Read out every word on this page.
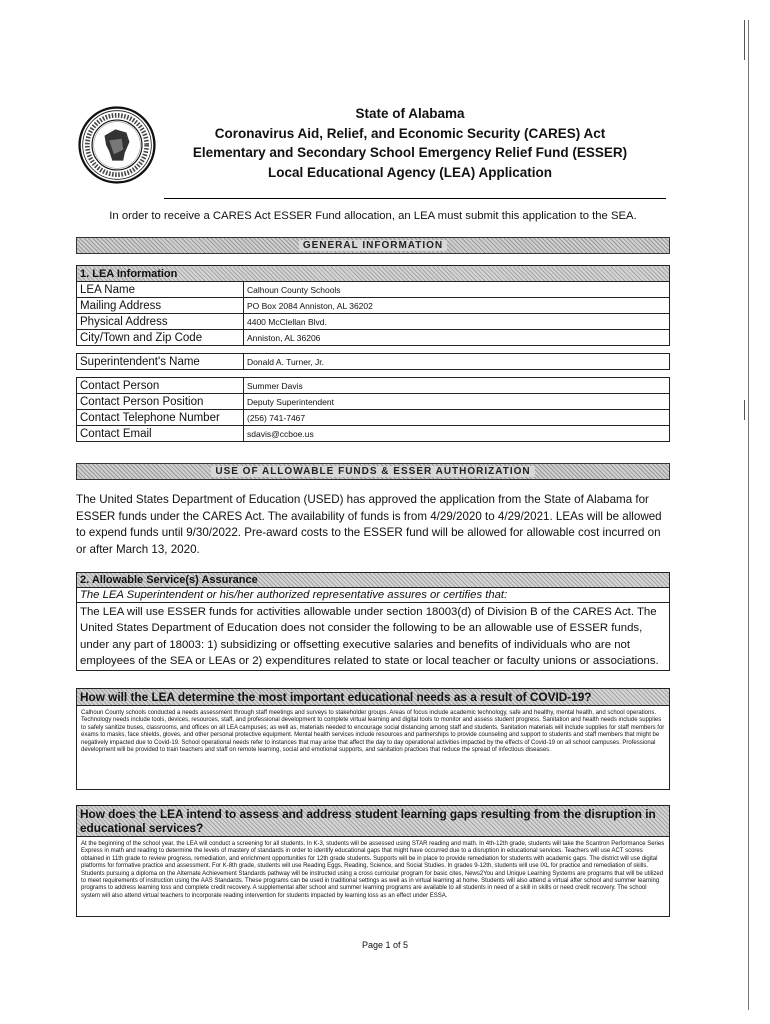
State of Alabama
Coronavirus Aid, Relief, and Economic Security (CARES) Act
Elementary and Secondary School Emergency Relief Fund (ESSER)
Local Educational Agency (LEA) Application
In order to receive a CARES Act ESSER Fund allocation, an LEA must submit this application to the SEA.
GENERAL INFORMATION
1. LEA Information	
LEA Name	Calhoun County Schools
Mailing Address	PO Box 2084 Anniston, AL 36202
Physical Address	4400 McClellan Blvd.
City/Town and Zip Code	Anniston, AL 36206

Superintendent's Name	Donald A. Turner, Jr.

Contact Person	Summer Davis
Contact Person Position	Deputy Superintendent
Contact Telephone Number	(256) 741-7467
Contact Email	sdavis@ccboe.us
USE OF ALLOWABLE FUNDS & ESSER AUTHORIZATION
The United States Department of Education (USED) has approved the application from the State of Alabama for ESSER funds under the CARES Act. The availability of funds is from 4/29/2020 to 4/29/2021. LEAs will be allowed to expend funds until 9/30/2022. Pre-award costs to the ESSER fund will be allowed for allowable cost incurred on or after March 13, 2020.
2. Allowable Service(s) Assurance
The LEA Superintendent or his/her authorized representative assures or certifies that:
The LEA will use ESSER funds for activities allowable under section 18003(d) of Division B of the CARES Act. The United States Department of Education does not consider the following to be an allowable use of ESSER funds, under any part of 18003: 1) subsidizing or offsetting executive salaries and benefits of individuals who are not employees of the SEA or LEAs or 2) expenditures related to state or local teacher or faculty unions or associations.
How will the LEA determine the most important educational needs as a result of COVID-19?
Calhoun County schools conducted a needs assessment through staff meetings and surveys to stakeholder groups. Areas of focus include academic technology, safe and healthy, mental health, and school operations. Technology needs include tools, devices, resources, staff, and professional development to complete virtual learning and digital tools to monitor and assess student progress. Sanitation and health needs include supplies to safely sanitize buses, classrooms, and offices on all LEA campuses; as well as, materials needed to encourage social distancing among staff and students. Sanitation materials will include supplies for staff members for exams to masks, face shields, gloves, and other personal protective equipment. Mental health services include resources and partnerships to provide counseling and support to students and staff members that might be negatively impacted due to Covid-19. School operational needs refer to instances that may arise that affect the day to day operational activities impacted by the effects of Covid-19 on all school campuses. Professional development will be provided to train teachers and staff on remote learning, social and emotional supports, and sanitation practices that reduce the spread of infectious diseases.
How does the LEA intend to assess and address student learning gaps resulting from the disruption in educational services?
At the beginning of the school year, the LEA will conduct a screening for all students. In K-3, students will be assessed using STAR reading and math. In 4th-12th grade, students will take the Scantron Performance Series Express in math and reading to determine the levels of mastery of standards in order to identify educational gaps that might have occurred due to a disruption in educational services. Teachers will use ACT scores obtained in 11th grade to review progress, remediation, and enrichment opportunities for 12th grade students. Supports will be in place to provide remediation for students with academic gaps. The district will use digital platforms for formative practice and assessment. For K-8th grade, students will use Reading Eggs, Reading, Science, and Social Studies. In grades 9-12th, students will use IXL for practice and remediation of skills. Students pursuing a diploma on the Alternate Achievement Standards pathway will be instructed using a cross curricular program for basic cites, News2You and Unique Learning Systems are programs that will be utilized to meet requirements of instruction using the AAS Standards. These programs can be used in traditional settings as well as in virtual learning at home. Students will also attend a virtual after school and summer learning programs to address learning loss and complete credit recovery. A supplemental after school and summer learning programs are available to all students in need of a skill in skills or need credit recovery. The school system will also attend virtual teachers to incorporate reading intervention for students impacted by learning loss as an effect under ESSA.
Page 1 of 5
